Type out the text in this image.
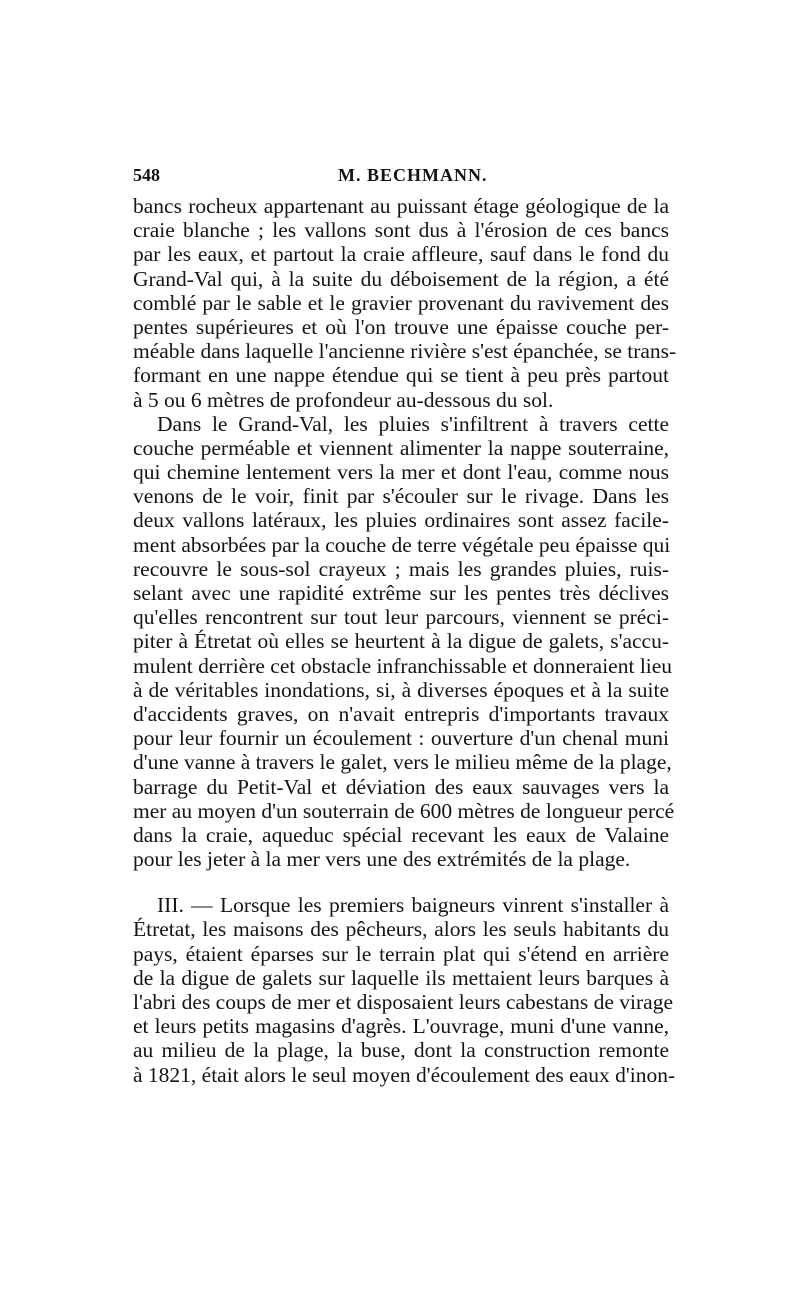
548	M. BECHMANN.
bancs rocheux appartenant au puissant étage géologique de la
craie blanche ; les vallons sont dus à l'érosion de ces bancs
par les eaux, et partout la craie affleure, sauf dans le fond du
Grand-Val qui, à la suite du déboisement de la région, a été
comblé par le sable et le gravier provenant du ravivement des
pentes supérieures et où l'on trouve une épaisse couche per-
méable dans laquelle l'ancienne rivière s'est épanchée, se trans-
formant en une nappe étendue qui se tient à peu près partout
à 5 ou 6 mètres de profondeur au-dessous du sol.
Dans le Grand-Val, les pluies s'infiltrent à travers cette
couche perméable et viennent alimenter la nappe souterraine,
qui chemine lentement vers la mer et dont l'eau, comme nous
venons de le voir, finit par s'écouler sur le rivage. Dans les
deux vallons latéraux, les pluies ordinaires sont assez facile-
ment absorbées par la couche de terre végétale peu épaisse qui
recouvre le sous-sol crayeux ; mais les grandes pluies, ruis-
selant avec une rapidité extrême sur les pentes très déclives
qu'elles rencontrent sur tout leur parcours, viennent se préci-
piter à Étretat où elles se heurtent à la digue de galets, s'accu-
mulent derrière cet obstacle infranchissable et donneraient lieu
à de véritables inondations, si, à diverses époques et à la suite
d'accidents graves, on n'avait entrepris d'importants travaux
pour leur fournir un écoulement : ouverture d'un chenal muni
d'une vanne à travers le galet, vers le milieu même de la plage,
barrage du Petit-Val et déviation des eaux sauvages vers la
mer au moyen d'un souterrain de 600 mètres de longueur percé
dans la craie, aqueduc spécial recevant les eaux de Valaine
pour les jeter à la mer vers une des extrémités de la plage.
III. — Lorsque les premiers baigneurs vinrent s'installer à
Étretat, les maisons des pêcheurs, alors les seuls habitants du
pays, étaient éparses sur le terrain plat qui s'étend en arrière
de la digue de galets sur laquelle ils mettaient leurs barques à
l'abri des coups de mer et disposaient leurs cabestans de virage
et leurs petits magasins d'agrès. L'ouvrage, muni d'une vanne,
au milieu de la plage, la buse, dont la construction remonte
à 1821, était alors le seul moyen d'écoulement des eaux d'inon-
